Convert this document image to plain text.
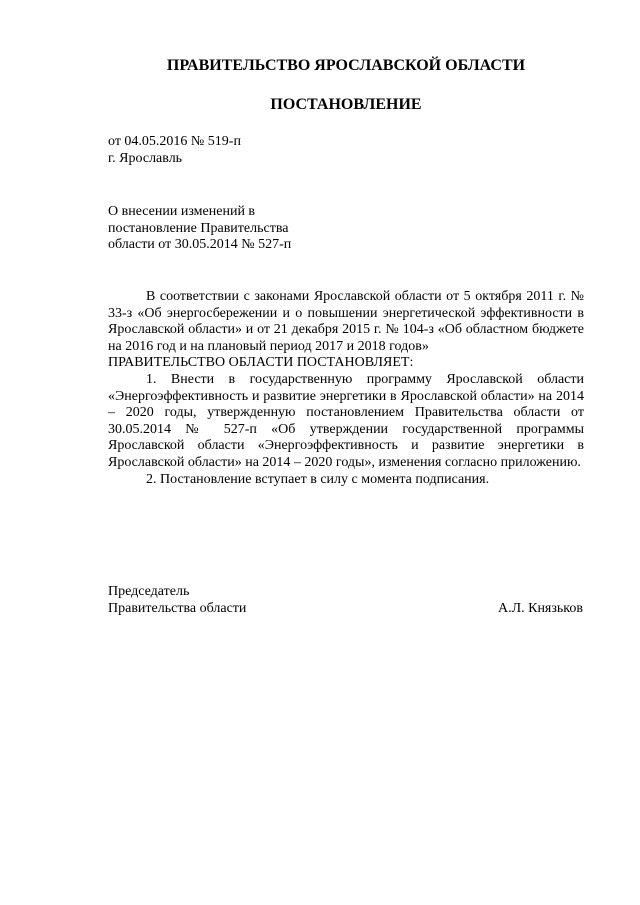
ПРАВИТЕЛЬСТВО ЯРОСЛАВСКОЙ ОБЛАСТИ
ПОСТАНОВЛЕНИЕ
от 04.05.2016 № 519-п
г. Ярославль
О внесении изменений в
постановление Правительства
области от 30.05.2014 № 527-п

В соответствии с законами Ярославской области от 5 октября 2011 г. № 33-з «Об энергосбережении и о повышении энергетической эффективности в Ярославской области» и от 21 декабря 2015 г. № 104-з «Об областном бюджете на 2016 год и на плановый период 2017 и 2018 годов»

ПРАВИТЕЛЬСТВО ОБЛАСТИ ПОСТАНОВЛЯЕТ:

1. Внести в государственную программу Ярославской области «Энергоэффективность и развитие энергетики в Ярославской области» на 2014 – 2020 годы, утвержденную постановлением Правительства области от 30.05.2014 № 527-п «Об утверждении государственной программы Ярославской области «Энергоэффективность и развитие энергетики в Ярославской области» на 2014 – 2020 годы», изменения согласно приложению.

2. Постановление вступает в силу с момента подписания.

Председатель
Правительства области	А.Л. Князьков
